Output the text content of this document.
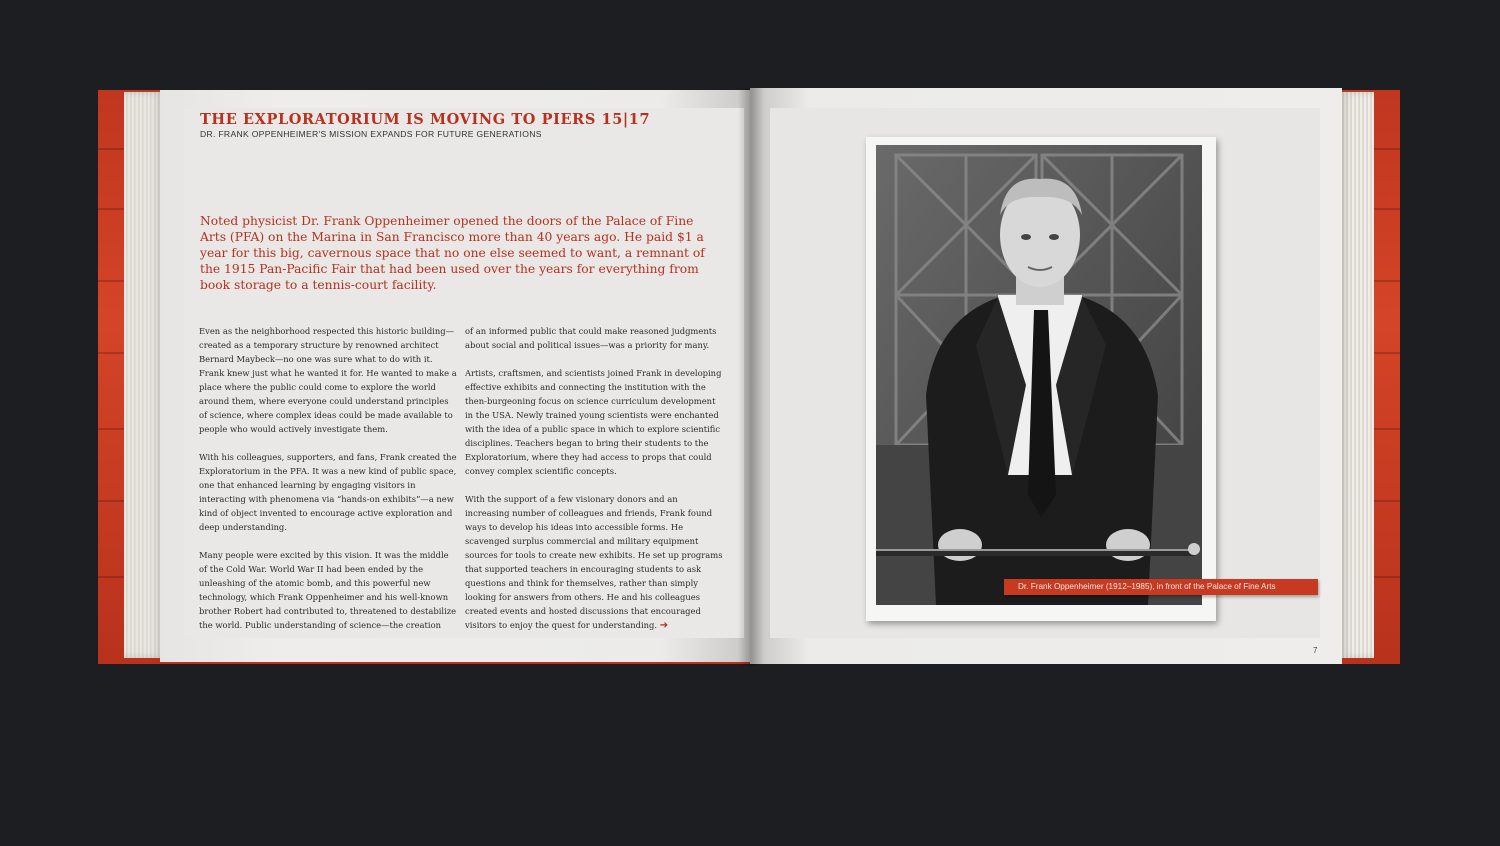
THE EXPLORATORIUM IS MOVING TO PIERS 15|17
DR. FRANK OPPENHEIMER'S MISSION EXPANDS FOR FUTURE GENERATIONS
Noted physicist Dr. Frank Oppenheimer opened the doors of the Palace of Fine Arts (PFA) on the Marina in San Francisco more than 40 years ago. He paid $1 a year for this big, cavernous space that no one else seemed to want, a remnant of the 1915 Pan-Pacific Fair that had been used over the years for everything from book storage to a tennis-court facility.

Even as the neighborhood respected this historic building—created as a temporary structure by renowned architect Bernard Maybeck—no one was sure what to do with it. Frank knew just what he wanted it for. He wanted to make a place where the public could come to explore the world around them, where everyone could understand principles of science, where complex ideas could be made available to people who would actively investigate them.

With his colleagues, supporters, and fans, Frank created the Exploratorium in the PFA. It was a new kind of public space, one that enhanced learning by engaging visitors in interacting with phenomena via “hands-on exhibits”—a new kind of object invented to encourage active exploration and deep understanding.

Many people were excited by this vision. It was the middle of the Cold War. World War II had been ended by the unleashing of the atomic bomb, and this powerful new technology, which Frank Oppenheimer and his well-known brother Robert had contributed to, threatened to destabilize the world. Public understanding of science—the creation

of an informed public that could make reasoned judgments about social and political issues—was a priority for many.

Artists, craftsmen, and scientists joined Frank in developing effective exhibits and connecting the institution with the then-burgeoning focus on science curriculum development in the USA. Newly trained young scientists were enchanted with the idea of a public space in which to explore scientific disciplines. Teachers began to bring their students to the Exploratorium, where they had access to props that could convey complex scientific concepts.

With the support of a few visionary donors and an increasing number of colleagues and friends, Frank found ways to develop his ideas into accessible forms. He scavenged surplus commercial and military equipment sources for tools to create new exhibits. He set up programs that supported teachers in encouraging students to ask questions and think for themselves, rather than simply looking for answers from others. He and his colleagues created events and hosted discussions that encouraged visitors to enjoy the quest for understanding. ➔

Dr. Frank Oppenheimer (1912–1985), in front of the Palace of Fine Arts
7
